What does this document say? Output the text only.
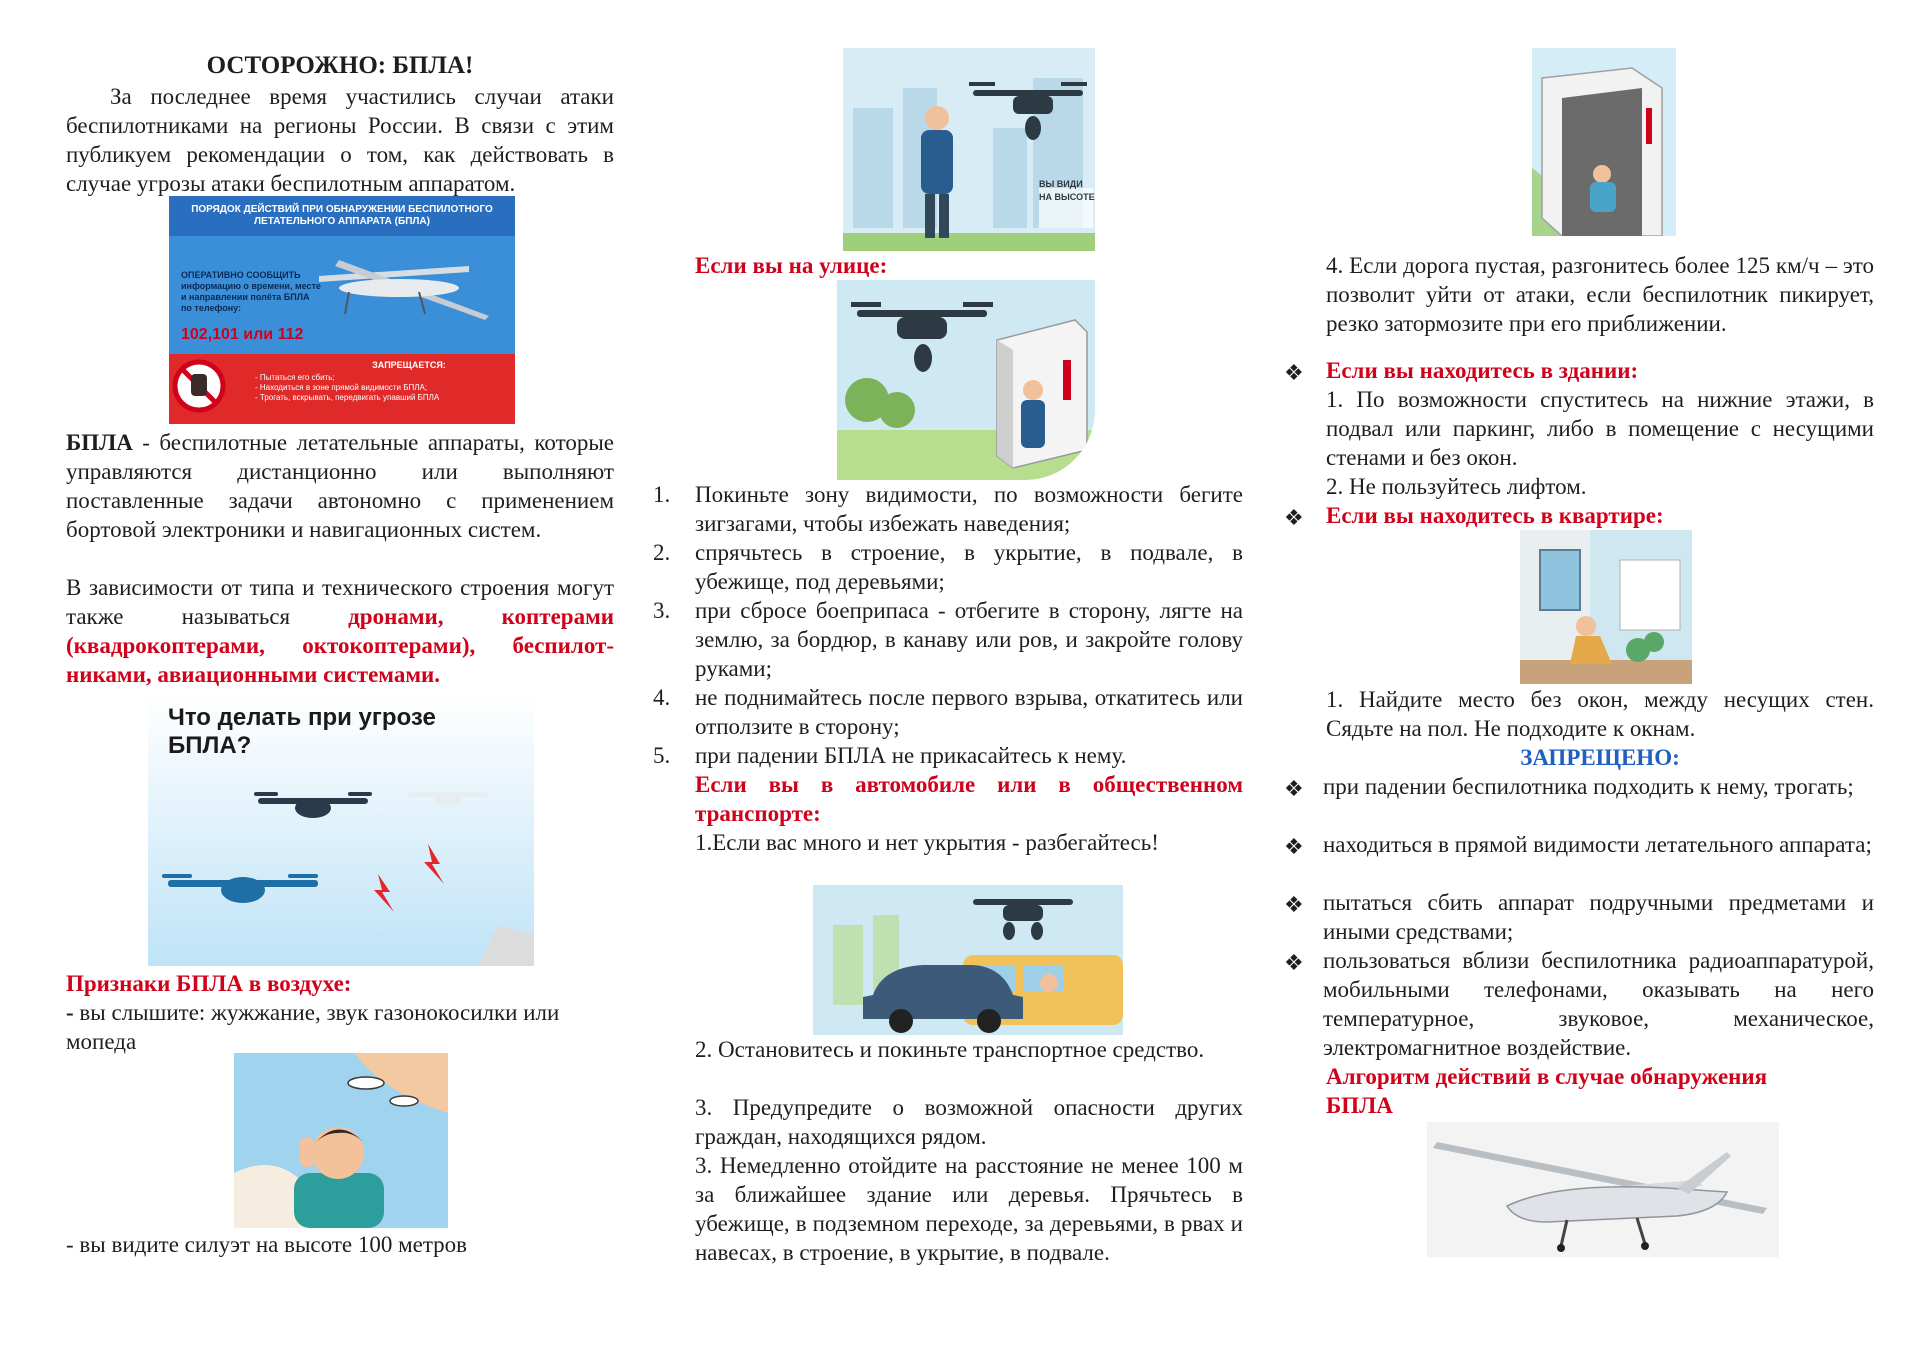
ОСТОРОЖНО: БПЛА!
За последнее время участились случаи атаки беспилотниками на регионы России. В связи с этим публикуем рекомендации о том, как действовать в случае угрозы атаки беспилотным аппаратом.
ПОРЯДОК ДЕЙСТВИЙ ПРИ ОБНАРУЖЕНИИ БЕСПИЛОТНОГО ЛЕТАТЕЛЬНОГО АППАРАТА (БПЛА)
ОПЕРАТИВНО СООБЩИТЬ информацию о времени, месте и направлении полёта БПЛА по телефону:
102,101 или 112
ЗАПРЕЩАЕТСЯ:
- Пытаться его сбить;
- Находиться в зоне прямой видимости БПЛА;
- Трогать, вскрывать, передвигать упавший БПЛА
БПЛА - беспилотные летательные аппараты, которые управляются дистанционно или выполняют поставленные задачи автономно с применением бортовой электроники и навигационных систем.
В зависимости от типа и технического строения могут также называться дронами, коптерами (квадрокоптерами, октокоптерами), беспилотниками, авиационными системами.
Что делать при угрозе БПЛА?
Признаки БПЛА в воздухе:
- вы слышите: жужжание, звук газонокосилки или мопеда
- вы видите силуэт на высоте 100 метров
ВЫ ВИДИ НА ВЫСОТЕ
Если вы на улице:
1.	Покиньте зону видимости, по возможности бегите зигзагами, чтобы избежать наведения;
2.	спрячьтесь в строение, в укрытие, в подвале, в убежище, под деревьями;
3.	при сбросе боеприпаса - отбегите в сторону, лягте на землю, за бордюр, в канаву или ров, и закройте голову руками;
4.	не поднимайтесь после первого взрыва, откатитесь или отползите в сторону;
5.	при падении БПЛА не прикасайтесь к нему.
Если вы в автомобиле или в общественном транспорте:
1.Если вас много и нет укрытия - разбегайтесь!
2. Остановитесь и покиньте транспортное средство.
3. Предупредите о возможной опасности других граждан, находящихся рядом.
3. Немедленно отойдите на расстояние не менее 100 м за ближайшее здание или деревья. Прячьтесь в убежище, в подземном переходе, за деревьями, в рвах и навесах, в строение, в укрытие, в подвале.
4. Если дорога пустая, разгонитесь более 125 км/ч – это позволит уйти от атаки, если беспилотник пикирует, резко затормозите при его приближении.
❖ Если вы находитесь в здании:
1. По возможности спуститесь на нижние этажи, в подвал или паркинг, либо в помещение с несущими стенами и без окон.
2. Не пользуйтесь лифтом.
❖ Если вы находитесь в квартире:
1. Найдите место без окон, между несущих стен. Сядьте на пол. Не подходите к окнам.
ЗАПРЕЩЕНО:
❖ при падении беспилотника подходить к нему, трогать;
❖ находиться в прямой видимости летательного аппарата;
❖ пытаться сбить аппарат подручными предметами и иными средствами;
❖ пользоваться вблизи беспилотника радиоаппаратурой, мобильными телефонами, оказывать на него температурное, звуковое, механическое, электромагнитное воздействие.
Алгоритм действий в случае обнаружения БПЛА
